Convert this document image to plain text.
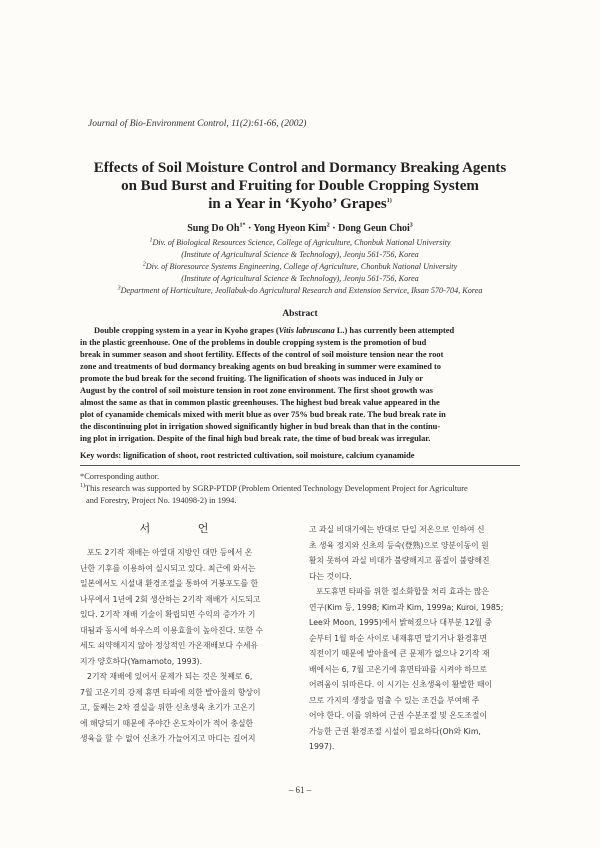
Journal of Bio-Environment Control, 11(2):61-66, (2002)
Effects of Soil Moisture Control and Dormancy Breaking Agents
on Bud Burst and Fruiting for Double Cropping System
in a Year in ‘Kyoho’ Grapes$^{1)}$
Sung Do $Oh^{1*}$ · Yong Hyeon Kim$^2$ · Dong Geun Choi$^3$
$^1$Div. of Biological Resources Science, College of Agriculture, Chonbuk National University
(Institute of Agricultural Science & Technology), Jeonju 561-756, Korea
$^2$Div. of Bioresource Systems Engineering, College of Agriculture, Chonbuk National University
(Institute of Agricultural Science & Technology), Jeonju 561-756, Korea
$^3$Department of Horticulture, Jeollabuk-do Agricultural Research and Extension Service, Iksan 570-704, Korea
Abstract
Double cropping system in a year in Kyoho grapes (Vitis labruscana L.) has currently been attempted
in the plastic greenhouse. One of the problems in double cropping system is the promotion of bud
break in summer season and shoot fertility. Effects of the control of soil moisture tension near the root
zone and treatments of bud dormancy breaking agents on bud breaking in summer were examined to
promote the bud break for the second fruiting. The lignification of shoots was induced in July or
August by the control of soil moisture tension in root zone environment. The first shoot growth was
almost the same as that in common plastic greenhouses. The highest bud break value appeared in the
plot of cyanamide chemicals mixed with merit blue as over 75% bud break rate. The bud break rate in
the discontinuing plot in irrigation showed significantly higher in bud break than that in the continu-
ing plot in irrigation. Despite of the final high bud break rate, the time of bud break was irregular.
Key words: lignification of shoot, root restricted cultivation, soil moisture, calcium cyanamide
*Corresponding author.
$^{1)}$This research was supported by SGRP-PTDP (Problem Oriented Technology Development Project for Agriculture
and Forestry, Project No. 194098-2) in 1994.
서 언
포도 2기작 재배는 아열대 지방인 대만 등에서 온
난한 기후를 이용하여 실시되고 있다. 최근에 와서는
일본에서도 시설내 환경조절을 통하여 거봉포도를 한
나무에서 1년에 2회 생산하는 2기작 재배가 시도되고
있다. 2기작 재배 기술이 확립되면 수익의 증가가 기
대됨과 동시에 하우스의 이용효율이 높아진다. 또한 수
세도 쇠약해지지 않아 정상적인 가온재배보다 수세유
지가 양호하다(Yamamoto, 1993).
2기작 재배에 있어서 문제가 되는 것은 첫째로 6,
7월 고온기의 강제 휴면 타파에 의한 발아율의 향상이
고, 둘째는 2차 결실을 위한 신초생육 초기가 고온기
에 해당되기 때문에 주야간 온도차이가 적어 충실한
생육을 할 수 없어 신초가 가늘어지고 마디는 길어지
고 과실 비대기에는 반대로 단일 저온으로 인하여 신
초 생육 정지와 신초의 등숙(登熟)으로 양분이동이 원
활치 못하여 과실 비대가 불량해지고 품질이 불량해진
다는 것이다.
포도휴면 타파를 위한 절소화합물 처리 효과는 많은
연구(Kim 등, 1998; Kim과 Kim, 1999a; Kuroi, 1985;
Lee와 Moon, 1995)에서 밝혀졌으나 대부분 12월 중
순부터 1월 하순 사이로 내재휴면 말기거나 환경휴면
직전이기 때문에 발아율에 큰 문제가 없으나 2기작 재
배에서는 6, 7월 고온기에 휴면타파를 시켜야 하므로
어려움이 뒤따른다. 이 시기는 신초생육이 활발한 때이
므로 가지의 생장을 멈출 수 있는 조건을 부여해 주
어야 한다. 이를 위하여 근권 수분조절 및 온도조절이
가능한 근권 환경조절 시설이 필요하다(Oh와 Kim,
1997).
– 61 –
